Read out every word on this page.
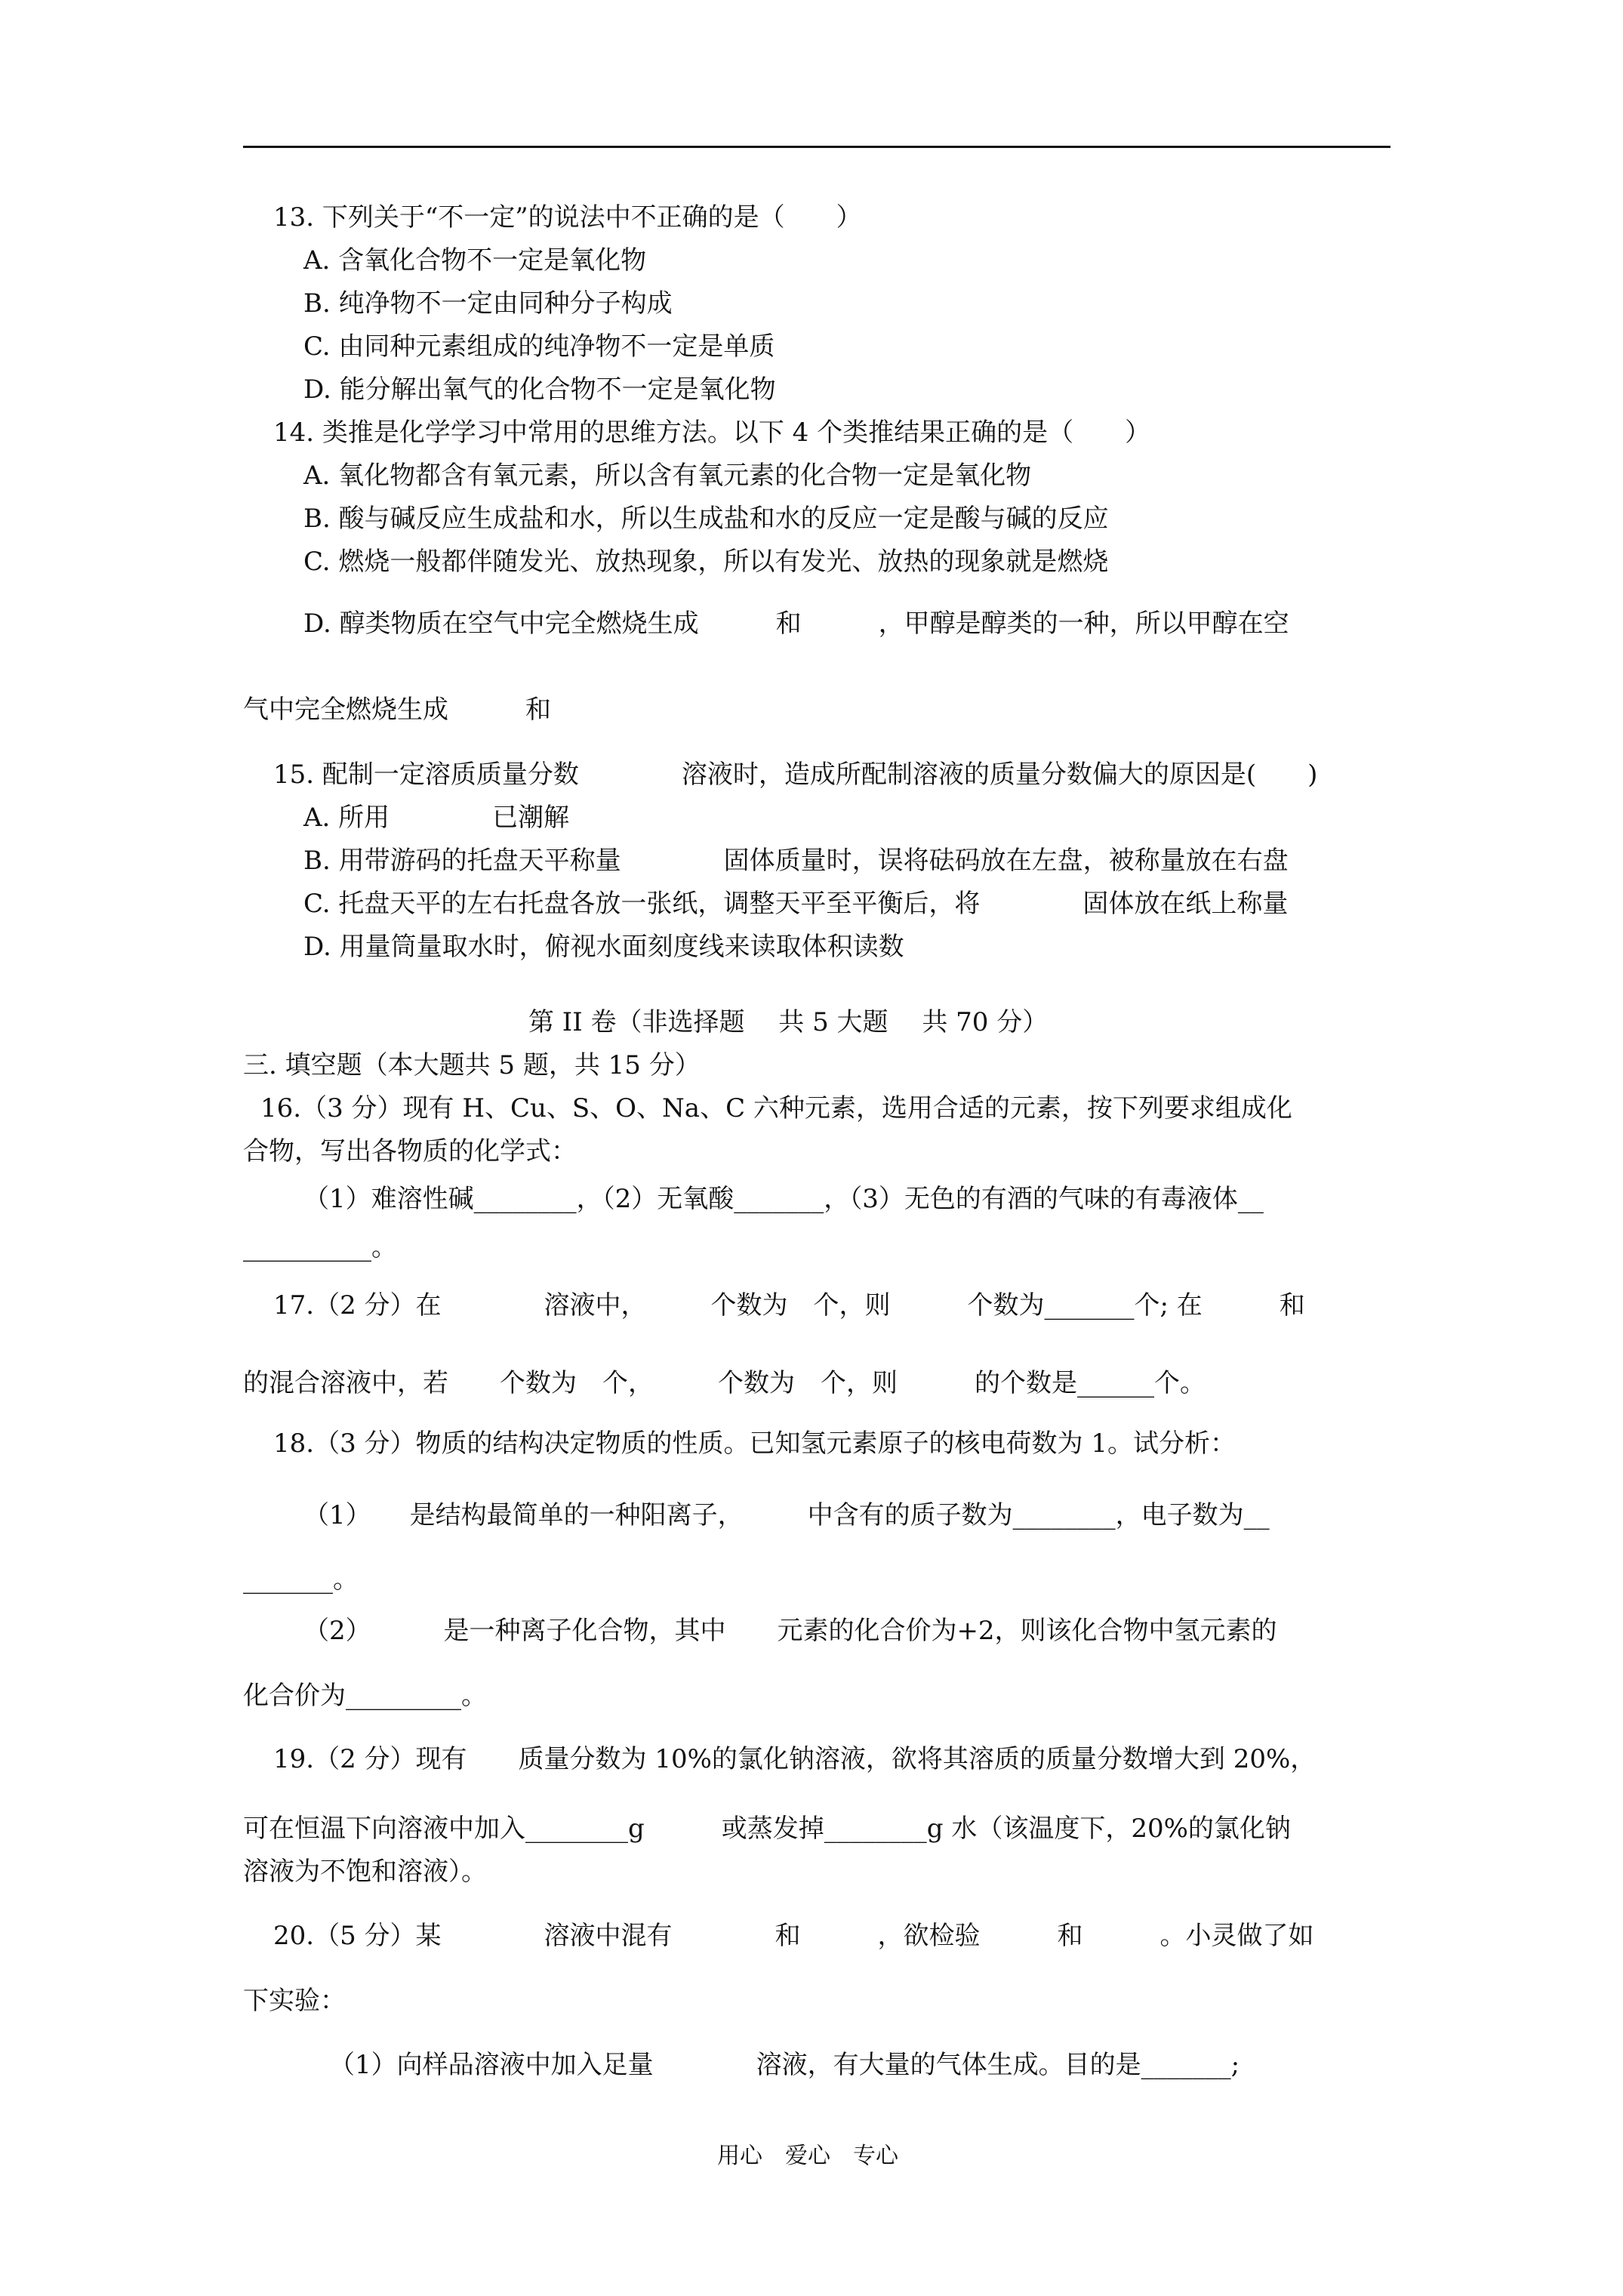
13. 下列关于“不一定”的说法中不正确的是（　　）
A. 含氧化合物不一定是氧化物
B. 纯净物不一定由同种分子构成
C. 由同种元素组成的纯净物不一定是单质
D. 能分解出氧气的化合物不一定是氧化物
14. 类推是化学学习中常用的思维方法。以下 4 个类推结果正确的是（　　）
A. 氧化物都含有氧元素，所以含有氧元素的化合物一定是氧化物
B. 酸与碱反应生成盐和水，所以生成盐和水的反应一定是酸与碱的反应
C. 燃烧一般都伴随发光、放热现象，所以有发光、放热的现象就是燃烧
D. 醇类物质在空气中完全燃烧生成　　　和　　　，甲醇是醇类的一种，所以甲醇在空
气中完全燃烧生成　　　和
15. 配制一定溶质质量分数　　　　溶液时，造成所配制溶液的质量分数偏大的原因是(　　)
A. 所用　　　　已潮解
B. 用带游码的托盘天平称量　　　　固体质量时，误将砝码放在左盘，被称量放在右盘
C. 托盘天平的左右托盘各放一张纸，调整天平至平衡后，将　　　　固体放在纸上称量
D. 用量筒量取水时，俯视水面刻度线来读取体积读数
第 II 卷（非选择题　 共 5 大题　 共 70 分）
三. 填空题（本大题共 5 题，共 15 分）
16.（3 分）现有 H、Cu、S、O、Na、C 六种元素，选用合适的元素，按下列要求组成化
合物，写出各物质的化学式：
（1）难溶性碱________，（2）无氧酸_______，（3）无色的有酒的气味的有毒液体__
__________。
17.（2 分）在　　　　溶液中，　　　个数为　个，则　　　个数为_______个; 在　　　和
的混合溶液中，若　　个数为　个，　　　个数为　个，则　　　的个数是______个。
18.（3 分）物质的结构决定物质的性质。已知氢元素原子的核电荷数为 1。试分析：
（1）　　是结构最简单的一种阳离子，　　　中含有的质子数为________，电子数为__
_______。
（2）　　　 是一种离子化合物，其中　　元素的化合价为+2，则该化合物中氢元素的
化合价为_________。
19.（2 分）现有　　质量分数为 10%的氯化钠溶液，欲将其溶质的质量分数增大到 20%，
可在恒温下向溶液中加入________g　　　或蒸发掉________g 水（该温度下，20%的氯化钠
溶液为不饱和溶液）。
20.（5 分）某　　　　溶液中混有　　　　和　　　，欲检验　　　和　　　。小灵做了如
下实验：
（1）向样品溶液中加入足量　　　　溶液，有大量的气体生成。目的是_______;
用心　爱心　专心
